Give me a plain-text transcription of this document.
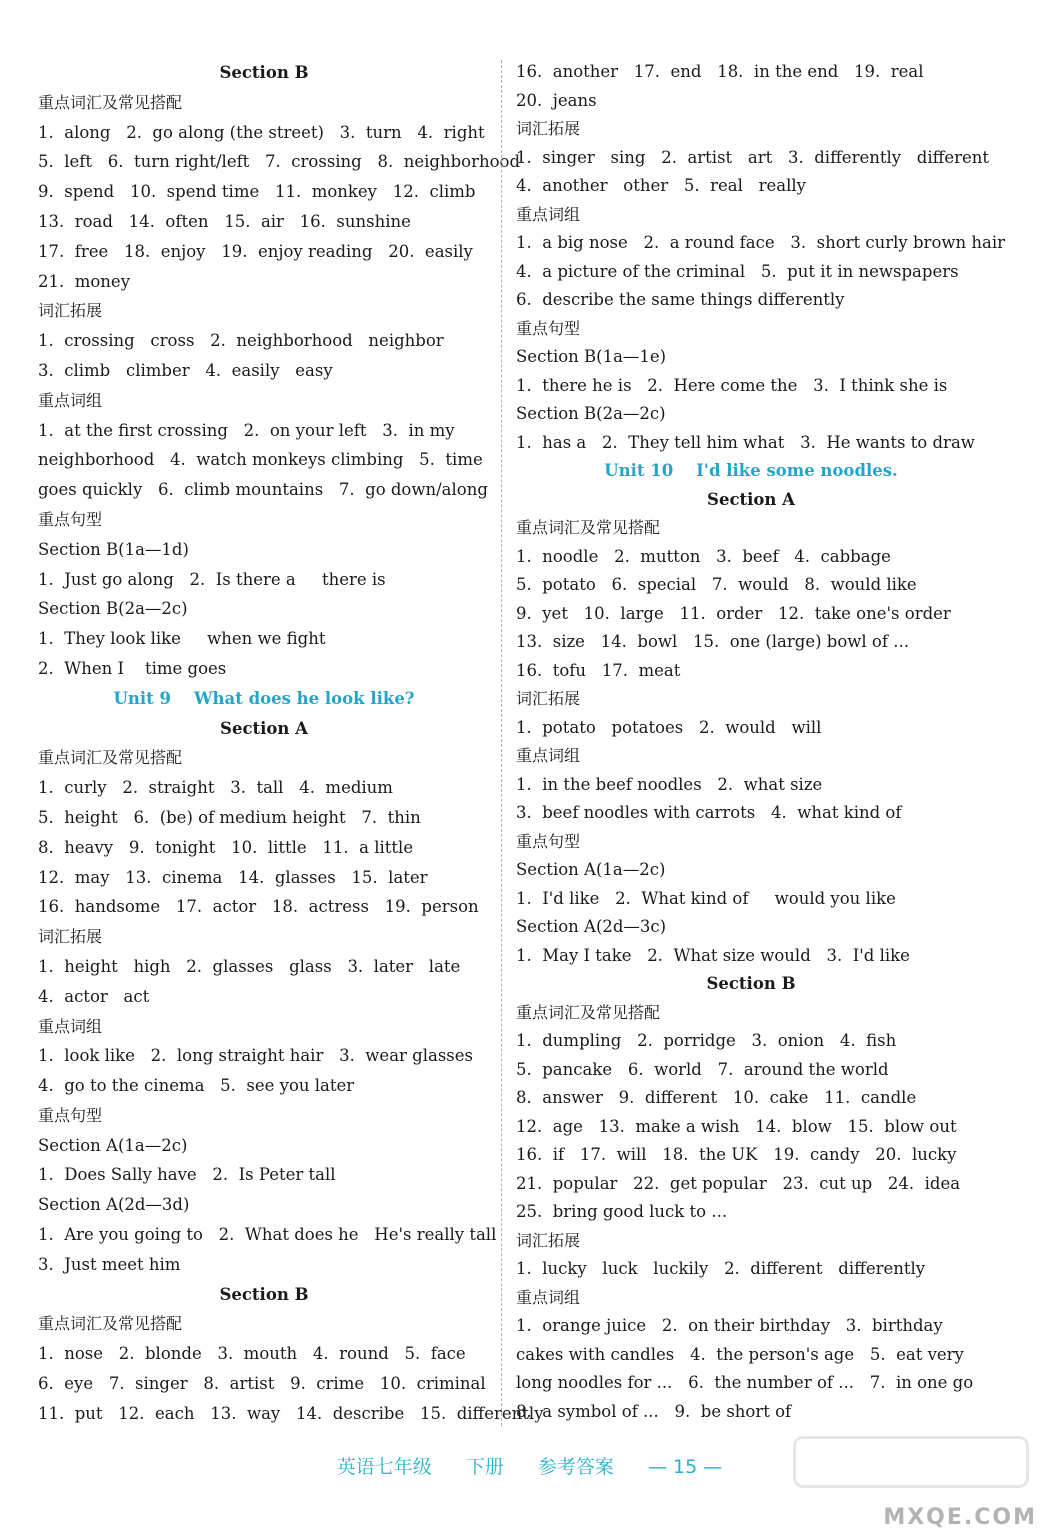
Section B
重点词汇及常见搭配
1.  along   2.  go along (the street)   3.  turn   4.  right
5.  left   6.  turn right/left   7.  crossing   8.  neighborhood
9.  spend   10.  spend time   11.  monkey   12.  climb
13.  road   14.  often   15.  air   16.  sunshine
17.  free   18.  enjoy   19.  enjoy reading   20.  easily
21.  money
词汇拓展
1.  crossing   cross   2.  neighborhood   neighbor
3.  climb   climber   4.  easily   easy
重点词组
1.  at the first crossing   2.  on your left   3.  in my
neighborhood   4.  watch monkeys climbing   5.  time
goes quickly   6.  climb mountains   7.  go down/along
重点句型
Section B(1a—1d)
1.  Just go along   2.  Is there a     there is
Section B(2a—2c)
1.  They look like     when we fight
2.  When I    time goes
Unit 9    What does he look like?
Section A
重点词汇及常见搭配
1.  curly   2.  straight   3.  tall   4.  medium
5.  height   6.  (be) of medium height   7.  thin
8.  heavy   9.  tonight   10.  little   11.  a little
12.  may   13.  cinema   14.  glasses   15.  later
16.  handsome   17.  actor   18.  actress   19.  person
词汇拓展
1.  height   high   2.  glasses   glass   3.  later   late
4.  actor   act
重点词组
1.  look like   2.  long straight hair   3.  wear glasses
4.  go to the cinema   5.  see you later
重点句型
Section A(1a—2c)
1.  Does Sally have   2.  Is Peter tall
Section A(2d—3d)
1.  Are you going to   2.  What does he   He's really tall
3.  Just meet him
Section B
重点词汇及常见搭配
1.  nose   2.  blonde   3.  mouth   4.  round   5.  face
6.  eye   7.  singer   8.  artist   9.  crime   10.  criminal
11.  put   12.  each   13.  way   14.  describe   15.  differently
16.  another   17.  end   18.  in the end   19.  real
20.  jeans
词汇拓展
1.  singer   sing   2.  artist   art   3.  differently   different
4.  another   other   5.  real   really
重点词组
1.  a big nose   2.  a round face   3.  short curly brown hair
4.  a picture of the criminal   5.  put it in newspapers
6.  describe the same things differently
重点句型
Section B(1a—1e)
1.  there he is   2.  Here come the   3.  I think she is
Section B(2a—2c)
1.  has a   2.  They tell him what   3.  He wants to draw
Unit 10    I'd like some noodles.
Section A
重点词汇及常见搭配
1.  noodle   2.  mutton   3.  beef   4.  cabbage
5.  potato   6.  special   7.  would   8.  would like
9.  yet   10.  large   11.  order   12.  take one's order
13.  size   14.  bowl   15.  one (large) bowl of ...
16.  tofu   17.  meat
词汇拓展
1.  potato   potatoes   2.  would   will
重点词组
1.  in the beef noodles   2.  what size
3.  beef noodles with carrots   4.  what kind of
重点句型
Section A(1a—2c)
1.  I'd like   2.  What kind of     would you like
Section A(2d—3c)
1.  May I take   2.  What size would   3.  I'd like
Section B
重点词汇及常见搭配
1.  dumpling   2.  porridge   3.  onion   4.  fish
5.  pancake   6.  world   7.  around the world
8.  answer   9.  different   10.  cake   11.  candle
12.  age   13.  make a wish   14.  blow   15.  blow out
16.  if   17.  will   18.  the UK   19.  candy   20.  lucky
21.  popular   22.  get popular   23.  cut up   24.  idea
25.  bring good luck to ...
词汇拓展
1.  lucky   luck   luckily   2.  different   differently
重点词组
1.  orange juice   2.  on their birthday   3.  birthday
cakes with candles   4.  the person's age   5.  eat very
long noodles for ...   6.  the number of ...   7.  in one go
8.  a symbol of ...   9.  be short of
英语七年级 下册 参考答案 — 15 —
MXQE.COM
